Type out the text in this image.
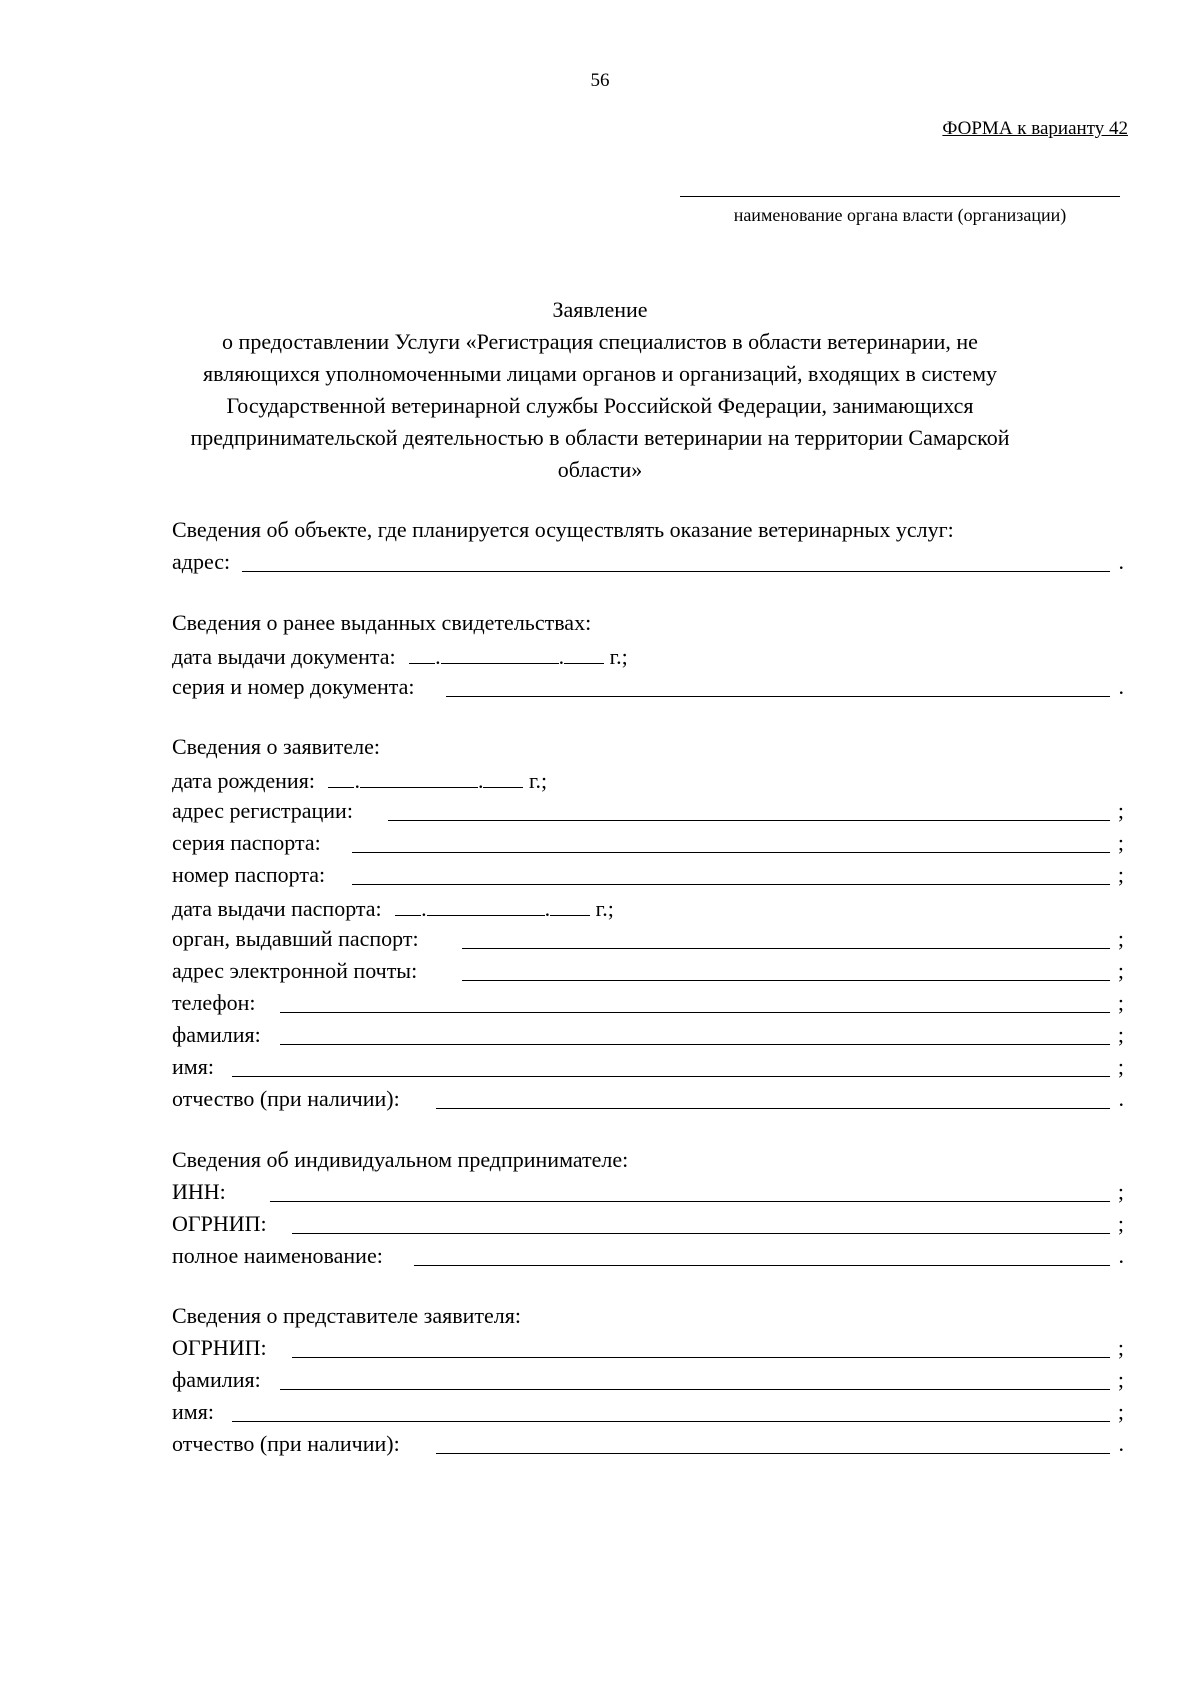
56
ФОРМА к варианту 42
наименование органа власти (организации)
Заявление
о предоставлении Услуги «Регистрация специалистов в области ветеринарии, не
являющихся уполномоченными лицами органов и организаций, входящих в систему
Государственной ветеринарной службы Российской Федерации, занимающихся
предпринимательской деятельностью в области ветеринарии на территории Самарской
области»
Сведения об объекте, где планируется осуществлять оказание ветеринарных услуг:
адрес:	.
Сведения о ранее выданных свидетельствах:
дата выдачи документа: .	. г.;
серия и номер документа:	.
Сведения о заявителе:
дата рождения: .	. г.;
адрес регистрации:	;
серия паспорта:	;
номер паспорта:	;
дата выдачи паспорта: .	. г.;
орган, выдавший паспорт:	;
адрес электронной почты:	;
телефон:	;
фамилия:	;
имя:	;
отчество (при наличии):	.
Сведения об индивидуальном предпринимателе:
ИНН:	;
ОГРНИП:	;
полное наименование:	.
Сведения о представителе заявителя:
ОГРНИП:	;
фамилия:	;
имя:	;
отчество (при наличии):	.
